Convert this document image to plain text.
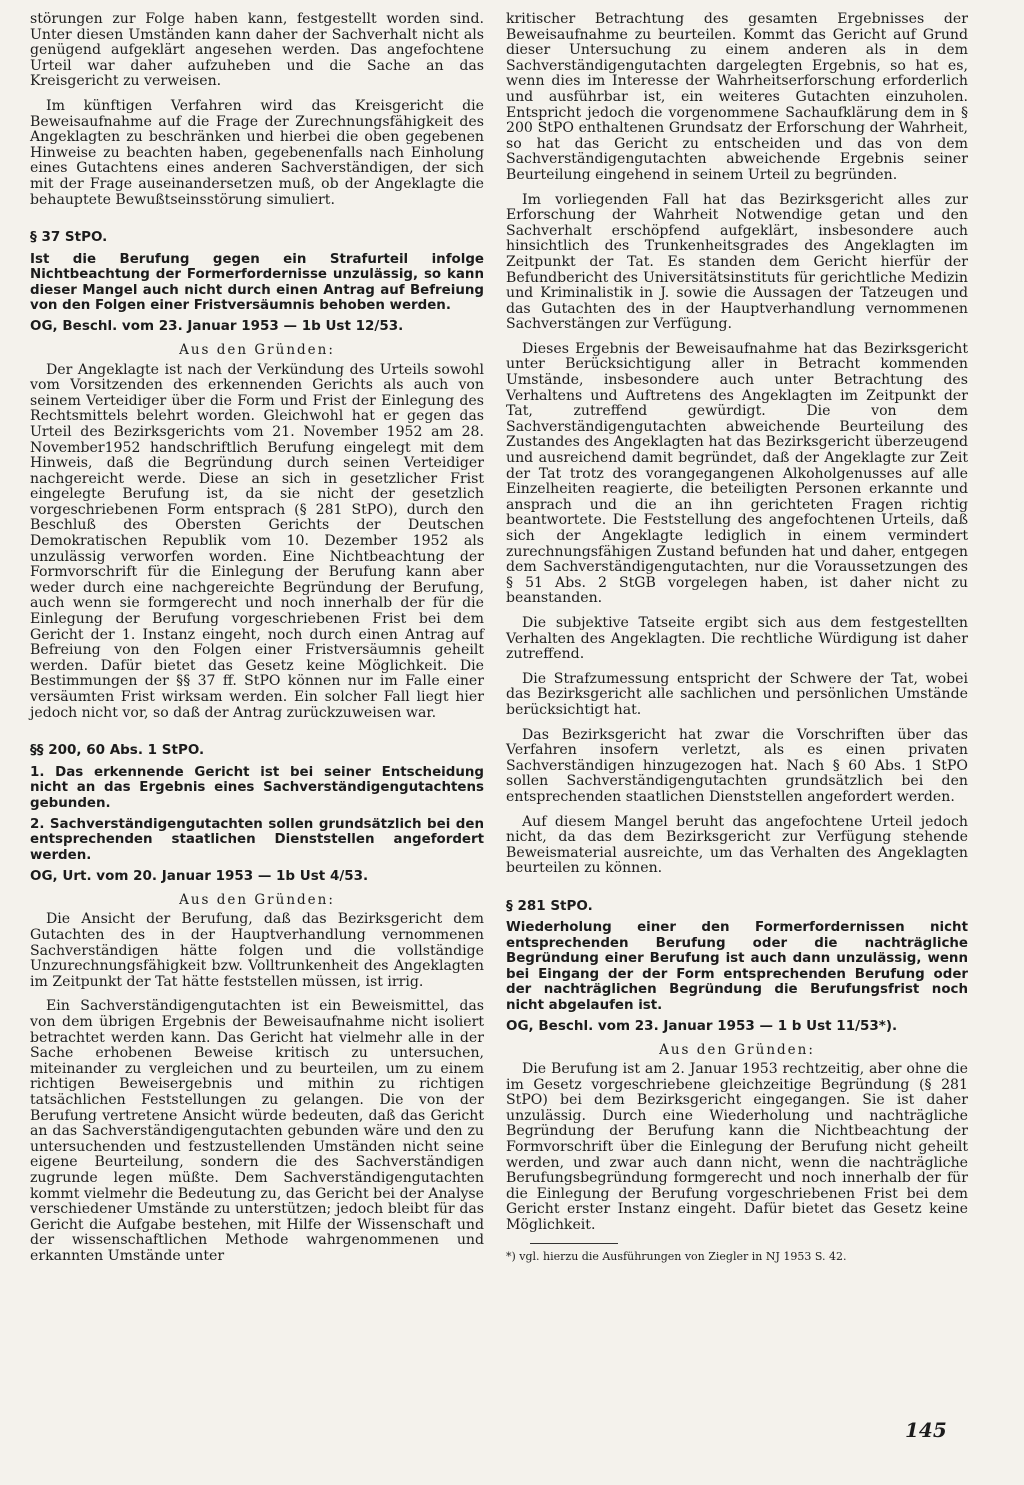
störungen zur Folge haben kann, festgestellt worden sind. Unter diesen Umständen kann daher der Sachverhalt nicht als genügend aufgeklärt angesehen werden. Das angefochtene Urteil war daher aufzuheben und die Sache an das Kreisgericht zu verweisen.

Im künftigen Verfahren wird das Kreisgericht die Beweisaufnahme auf die Frage der Zurechnungsfähigkeit des Angeklagten zu beschränken und hierbei die oben gegebenen Hinweise zu beachten haben, gegebenenfalls nach Einholung eines Gutachtens eines anderen Sachverständigen, der sich mit der Frage auseinandersetzen muß, ob der Angeklagte die behauptete Bewußtseinsstörung simuliert.

§ 37 StPO.

Ist die Berufung gegen ein Strafurteil infolge Nichtbeachtung der Formerfordernisse unzulässig, so kann dieser Mangel auch nicht durch einen Antrag auf Befreiung von den Folgen einer Fristversäumnis behoben werden.

OG, Beschl. vom 23. Januar 1953 — 1b Ust 12/53.
Aus den Gründen:

Der Angeklagte ist nach der Verkündung des Urteils sowohl vom Vorsitzenden des erkennenden Gerichts als auch von seinem Verteidiger über die Form und Frist der Einlegung des Rechtsmittels belehrt worden. Gleichwohl hat er gegen das Urteil des Bezirksgerichts vom 21. November 1952 am 28. November1952 handschriftlich Berufung eingelegt mit dem Hinweis, daß die Begründung durch seinen Verteidiger nachgereicht werde. Diese an sich in gesetzlicher Frist eingelegte Berufung ist, da sie nicht der gesetzlich vorgeschriebenen Form entsprach (§ 281 StPO), durch den Beschluß des Obersten Gerichts der Deutschen Demokratischen Republik vom 10. Dezember 1952 als unzulässig verworfen worden. Eine Nichtbeachtung der Formvorschrift für die Einlegung der Berufung kann aber weder durch eine nachgereichte Begründung der Berufung, auch wenn sie formgerecht und noch innerhalb der für die Einlegung der Berufung vorgeschriebenen Frist bei dem Gericht der 1. Instanz eingeht, noch durch einen Antrag auf Befreiung von den Folgen einer Fristversäumnis geheilt werden. Dafür bietet das Gesetz keine Möglichkeit. Die Bestimmungen der §§ 37 ff. StPO können nur im Falle einer versäumten Frist wirksam werden. Ein solcher Fall liegt hier jedoch nicht vor, so daß der Antrag zurückzuweisen war.

§§ 200, 60 Abs. 1 StPO.

1. Das erkennende Gericht ist bei seiner Entscheidung nicht an das Ergebnis eines Sachverständigengutachtens gebunden.

2. Sachverständigengutachten sollen grundsätzlich bei den entsprechenden staatlichen Dienststellen angefordert werden.

OG, Urt. vom 20. Januar 1953 — 1b Ust 4/53.
Aus den Gründen:

Die Ansicht der Berufung, daß das Bezirksgericht dem Gutachten des in der Hauptverhandlung vernommenen Sachverständigen hätte folgen und die vollständige Unzurechnungsfähigkeit bzw. Volltrunkenheit des Angeklagten im Zeitpunkt der Tat hätte feststellen müssen, ist irrig.

Ein Sachverständigengutachten ist ein Beweismittel, das von dem übrigen Ergebnis der Beweisaufnahme nicht isoliert betrachtet werden kann. Das Gericht hat vielmehr alle in der Sache erhobenen Beweise kritisch zu untersuchen, miteinander zu vergleichen und zu beurteilen, um zu einem richtigen Beweisergebnis und mithin zu richtigen tatsächlichen Feststellungen zu gelangen. Die von der Berufung vertretene Ansicht würde bedeuten, daß das Gericht an das Sachverständigengutachten gebunden wäre und den zu untersuchenden und festzustellenden Umständen nicht seine eigene Beurteilung, sondern die des Sachverständigen zugrunde legen müßte. Dem Sachverständigengutachten kommt vielmehr die Bedeutung zu, das Gericht bei der Analyse verschiedener Umstände zu unterstützen; jedoch bleibt für das Gericht die Aufgabe bestehen, mit Hilfe der Wissenschaft und der wissenschaftlichen Methode wahrgenommenen und erkannten Umstände unter

kritischer Betrachtung des gesamten Ergebnisses der Beweisaufnahme zu beurteilen. Kommt das Gericht auf Grund dieser Untersuchung zu einem anderen als in dem Sachverständigengutachten dargelegten Ergebnis, so hat es, wenn dies im Interesse der Wahrheitserforschung erforderlich und ausführbar ist, ein weiteres Gutachten einzuholen. Entspricht jedoch die vorgenommene Sachaufklärung dem in § 200 StPO enthaltenen Grundsatz der Erforschung der Wahrheit, so hat das Gericht zu entscheiden und das von dem Sachverständigengutachten abweichende Ergebnis seiner Beurteilung eingehend in seinem Urteil zu begründen.

Im vorliegenden Fall hat das Bezirksgericht alles zur Erforschung der Wahrheit Notwendige getan und den Sachverhalt erschöpfend aufgeklärt, insbesondere auch hinsichtlich des Trunkenheitsgrades des Angeklagten im Zeitpunkt der Tat. Es standen dem Gericht hierfür der Befundbericht des Universitätsinstituts für gerichtliche Medizin und Kriminalistik in J. sowie die Aussagen der Tatzeugen und das Gutachten des in der Hauptverhandlung vernommenen Sachverstängen zur Verfügung.

Dieses Ergebnis der Beweisaufnahme hat das Bezirksgericht unter Berücksichtigung aller in Betracht kommenden Umstände, insbesondere auch unter Betrachtung des Verhaltens und Auftretens des Angeklagten im Zeitpunkt der Tat, zutreffend gewürdigt. Die von dem Sachverständigengutachten abweichende Beurteilung des Zustandes des Angeklagten hat das Bezirksgericht überzeugend und ausreichend damit begründet, daß der Angeklagte zur Zeit der Tat trotz des vorangegangenen Alkoholgenusses auf alle Einzelheiten reagierte, die beteiligten Personen erkannte und ansprach und die an ihn gerichteten Fragen richtig beantwortete. Die Feststellung des angefochtenen Urteils, daß sich der Angeklagte lediglich in einem vermindert zurechnungsfähigen Zustand befunden hat und daher, entgegen dem Sachverständigengutachten, nur die Voraussetzungen des § 51 Abs. 2 StGB vorgelegen haben, ist daher nicht zu beanstanden.

Die subjektive Tatseite ergibt sich aus dem festgestellten Verhalten des Angeklagten. Die rechtliche Würdigung ist daher zutreffend.

Die Strafzumessung entspricht der Schwere der Tat, wobei das Bezirksgericht alle sachlichen und persönlichen Umstände berücksichtigt hat.

Das Bezirksgericht hat zwar die Vorschriften über das Verfahren insofern verletzt, als es einen privaten Sachverständigen hinzugezogen hat. Nach § 60 Abs. 1 StPO sollen Sachverständigengutachten grundsätzlich bei den entsprechenden staatlichen Dienststellen angefordert werden.

Auf diesem Mangel beruht das angefochtene Urteil jedoch nicht, da das dem Bezirksgericht zur Verfügung stehende Beweismaterial ausreichte, um das Verhalten des Angeklagten beurteilen zu können.

§ 281 StPO.

Wiederholung einer den Formerfordernissen nicht entsprechenden Berufung oder die nachträgliche Begründung einer Berufung ist auch dann unzulässig, wenn bei Eingang der der Form entsprechenden Berufung oder der nachträglichen Begründung die Berufungsfrist noch nicht abgelaufen ist.

OG, Beschl. vom 23. Januar 1953 — 1 b Ust 11/53*).
Aus den Gründen:

Die Berufung ist am 2. Januar 1953 rechtzeitig, aber ohne die im Gesetz vorgeschriebene gleichzeitige Begründung (§ 281 StPO) bei dem Bezirksgericht eingegangen. Sie ist daher unzulässig. Durch eine Wiederholung und nachträgliche Begründung der Berufung kann die Nichtbeachtung der Formvorschrift über die Einlegung der Berufung nicht geheilt werden, und zwar auch dann nicht, wenn die nachträgliche Berufungsbegründung formgerecht und noch innerhalb der für die Einlegung der Berufung vorgeschriebenen Frist bei dem Gericht erster Instanz eingeht. Dafür bietet das Gesetz keine Möglichkeit.

*) vgl. hierzu die Ausführungen von Ziegler in NJ 1953 S. 42.
145
